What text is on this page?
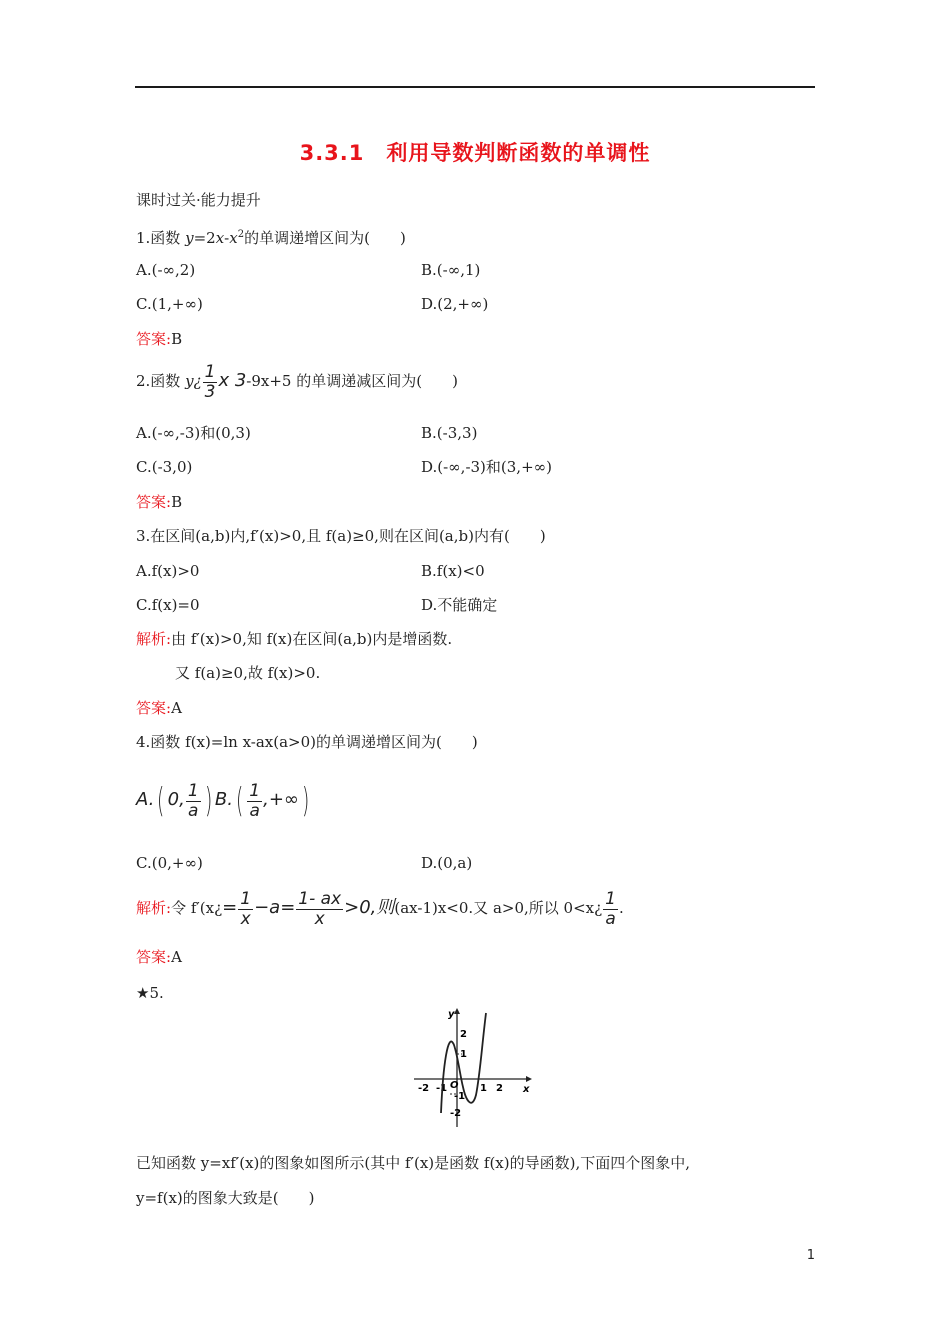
3.3.1　利用导数判断函数的单调性
课时过关·能力提升
1.函数 $y=2x-x^2$的单调递增区间为(　　)
A.(-∞,2)	B.(-∞,1)
C.(1,+∞)	D.(2,+∞)
答案:B
2.函数 y¿ $\frac{1}{3}$ x 3-9x+5 的单调递减区间为(　　)
A.(-∞,-3)和(0,3)	B.(-3,3)
C.(-3,0)	D.(-∞,-3)和(3,+∞)
答案:B
3.在区间(a,b)内,f′(x)>0,且 f(a)≥0,则在区间(a,b)内有(　　)
A.f(x)>0	B.f(x)<0
C.f(x)=0	D.不能确定
解析:由 f′(x)>0,知 f(x)在区间(a,b)内是增函数.
又 f(a)≥0,故 f(x)>0.
答案:A
4.函数 f(x)=ln x-ax(a>0)的单调递增区间为(　　)
A.( 0, $\frac{1}{a}$ ) $B.( \frac{1}{a}$ ,+∞)
C.(0,+∞)	D.(0,a)
解析:令 f′(x¿= $\frac{1}{x} -a= \frac{1- ax}{x} >0$,则(ax-1)x<0.又 a>0,所以 0<x¿ $\frac{1}{a}$ .
答案:A
★5.
y
x
O
-2 -1	1 2
2
1
-1
-2
已知函数 y=xf′(x)的图象如图所示(其中 f′(x)是函数 f(x)的导函数),下面四个图象中,
y=f(x)的图象大致是(　　)
1
